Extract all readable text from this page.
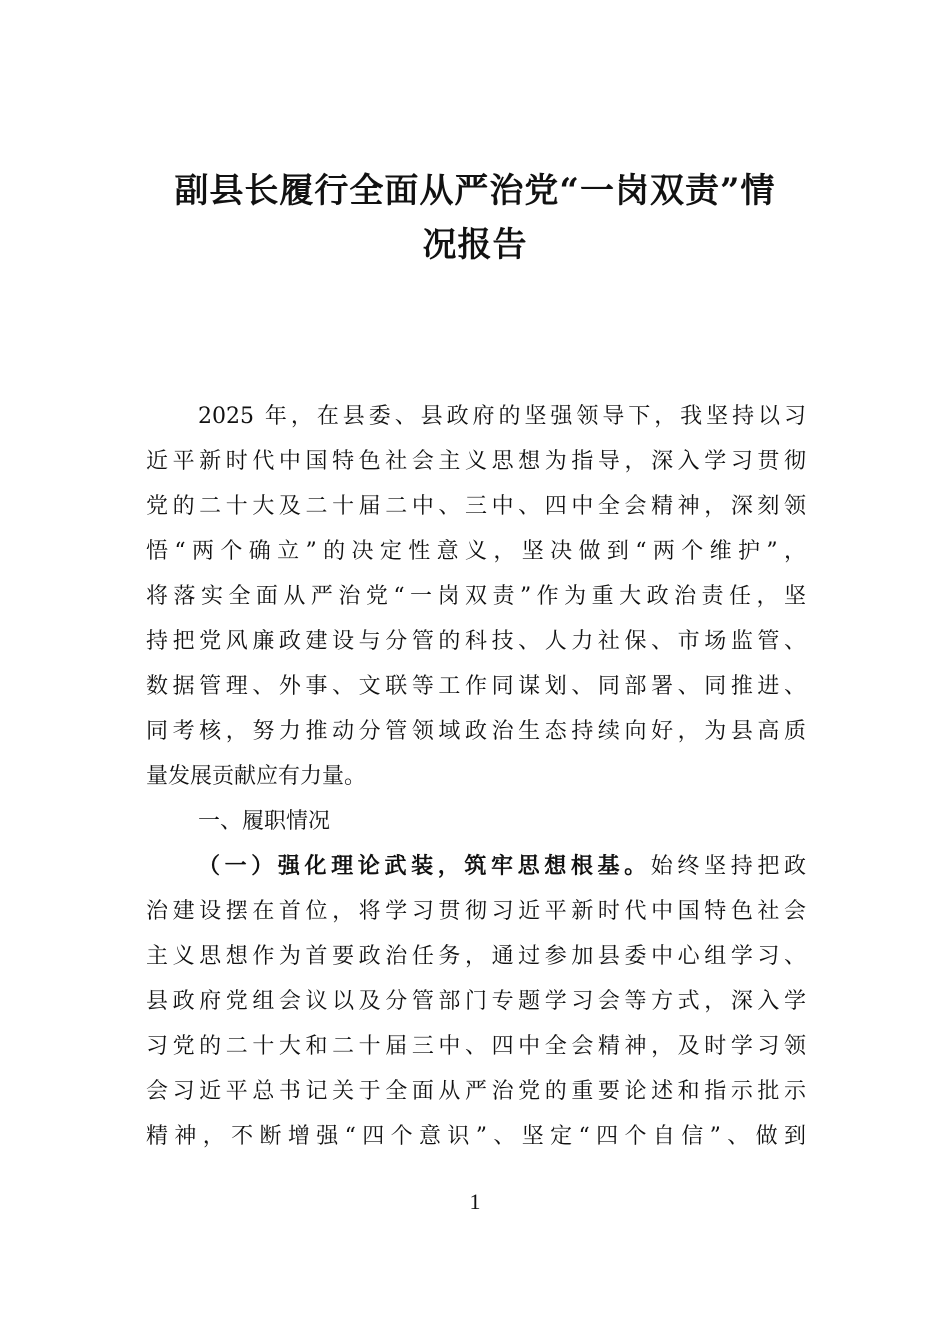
副县长履行全面从严治党“一岗双责”情
况报告
2025 年，在县委、县政府的坚强领导下，我坚持以习
近平新时代中国特色社会主义思想为指导，深入学习贯彻
党的二十大及二十届二中、三中、四中全会精神，深刻领
悟“两个确立”的决定性意义，坚决做到“两个维护”，
将落实全面从严治党“一岗双责”作为重大政治责任，坚
持把党风廉政建设与分管的科技、人力社保、市场监管、
数据管理、外事、文联等工作同谋划、同部署、同推进、
同考核，努力推动分管领域政治生态持续向好，为县高质
量发展贡献应有力量。
一、履职情况
（一）强化理论武装，筑牢思想根基。始终坚持把政
治建设摆在首位，将学习贯彻习近平新时代中国特色社会
主义思想作为首要政治任务，通过参加县委中心组学习、
县政府党组会议以及分管部门专题学习会等方式，深入学
习党的二十大和二十届三中、四中全会精神，及时学习领
会习近平总书记关于全面从严治党的重要论述和指示批示
精神，不断增强“四个意识”、坚定“四个自信”、做到
1
